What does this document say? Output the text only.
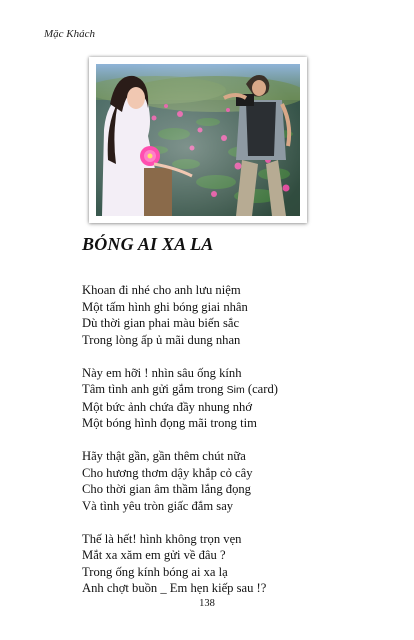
Mặc Khách
BÓNG AI XA LA
Khoan đi nhé cho anh lưu niệm
Một tấm hình ghi bóng giai nhân
Dù thời gian phai màu biến sắc
Trong lòng ấp ủ mãi dung nhan
Này em hỡi ! nhìn sâu ống kính
Tâm tình anh gửi gắm trong Sim (card)
Một bức ảnh chứa đầy nhung nhớ
Một bóng hình đọng mãi trong tim
Hãy thật gần, gần thêm chút nữa
Cho hương thơm dậy khắp cỏ cây
Cho thời gian âm thầm lắng đọng
Và tình yêu tròn giấc đắm say
Thế là hết! hình không trọn vẹn
Mắt xa xăm em gửi về đâu ?
Trong ống kính bóng ai xa lạ
Anh chợt buồn _ Em hẹn kiếp sau !?
138
